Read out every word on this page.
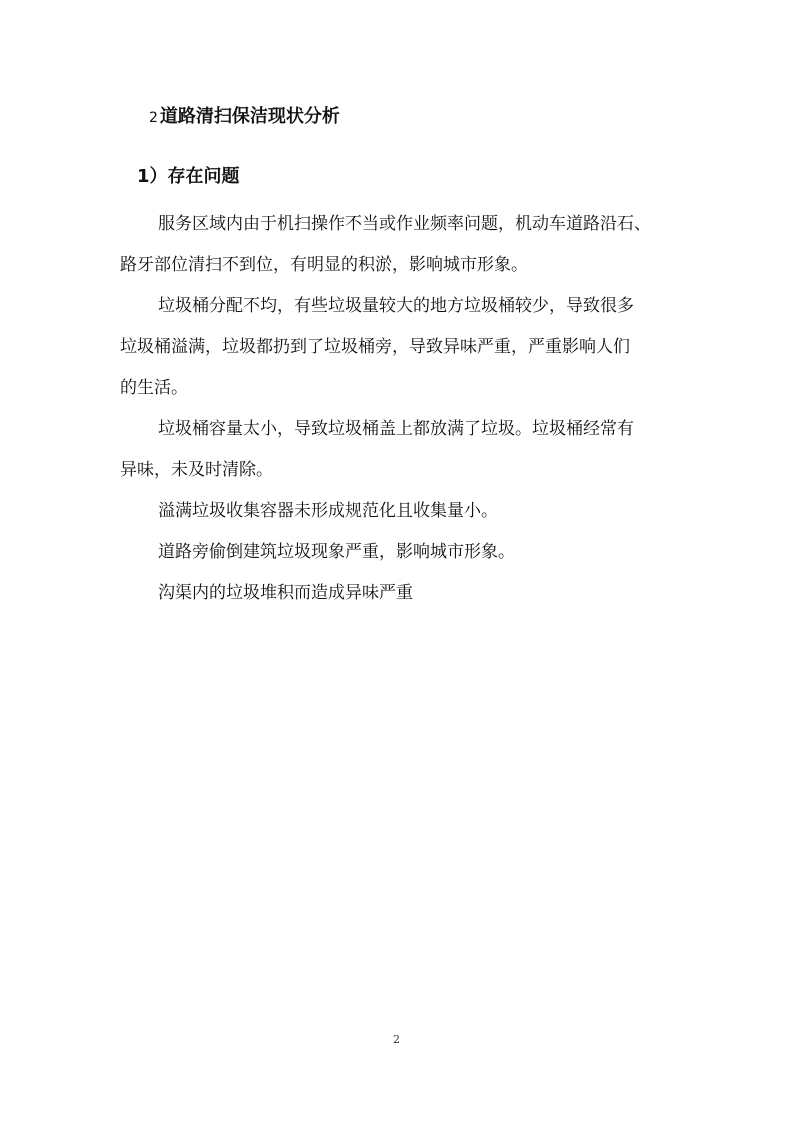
2 道路清扫保洁现状分析
1）存在问题

服务区域内由于机扫操作不当或作业频率问题，机动车道路沿石、
路牙部位清扫不到位，有明显的积淤，影响城市形象。

垃圾桶分配不均，有些垃圾量较大的地方垃圾桶较少，导致很多
垃圾桶溢满，垃圾都扔到了垃圾桶旁，导致异味严重，严重影响人们
的生活。

垃圾桶容量太小，导致垃圾桶盖上都放满了垃圾。垃圾桶经常有
异味，未及时清除。

溢满垃圾收集容器未形成规范化且收集量小。

道路旁偷倒建筑垃圾现象严重，影响城市形象。

沟渠内的垃圾堆积而造成异味严重

2
